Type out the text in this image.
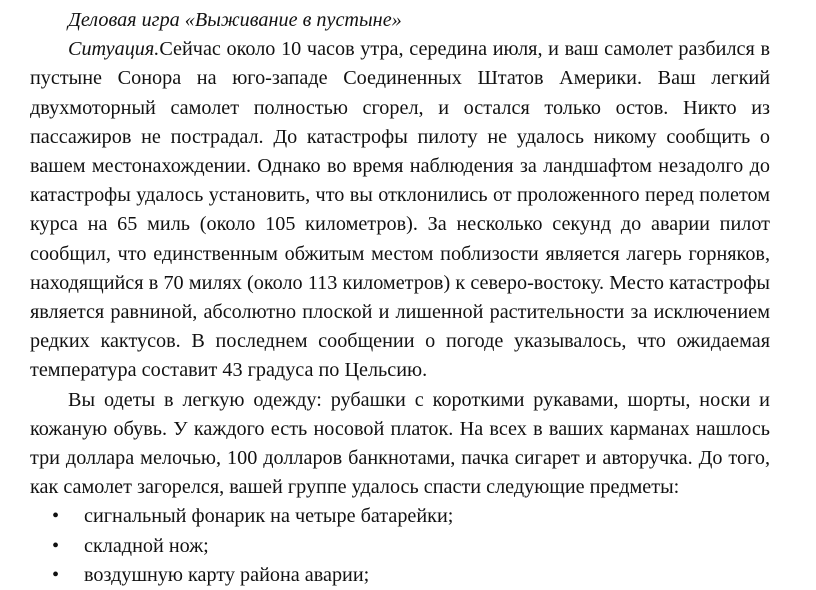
Деловая игра «Выживание в пустыне»

Ситуация.Сейчас около 10 часов утра, середина июля, и ваш самолет разбился в пустыне Сонора на юго-западе Соединенных Штатов Америки. Ваш легкий двухмоторный самолет полностью сгорел, и остался только остов. Никто из пассажиров не пострадал. До катастрофы пилоту не удалось никому сообщить о вашем местонахождении. Однако во время наблюдения за ландшафтом незадолго до катастрофы удалось установить, что вы отклонились от проложенного перед полетом курса на 65 миль (около 105 километров). За несколько секунд до аварии пилот сообщил, что единственным обжитым местом поблизости является лагерь горняков, находящийся в 70 милях (около 113 километров) к северо-востоку. Место катастрофы является равниной, абсолютно плоской и лишенной растительности за исключением редких кактусов. В последнем сообщении о погоде указывалось, что ожидаемая температура составит 43 градуса по Цельсию.

Вы одеты в легкую одежду: рубашки с короткими рукавами, шорты, носки и кожаную обувь. У каждого есть носовой платок. На всех в ваших карманах нашлось три доллара мелочью, 100 долларов банкнотами, пачка сигарет и авторучка. До того, как самолет загорелся, вашей группе удалось спасти следующие предметы:

• сигнальный фонарик на четыре батарейки;
• складной нож;
• воздушную карту района аварии;
